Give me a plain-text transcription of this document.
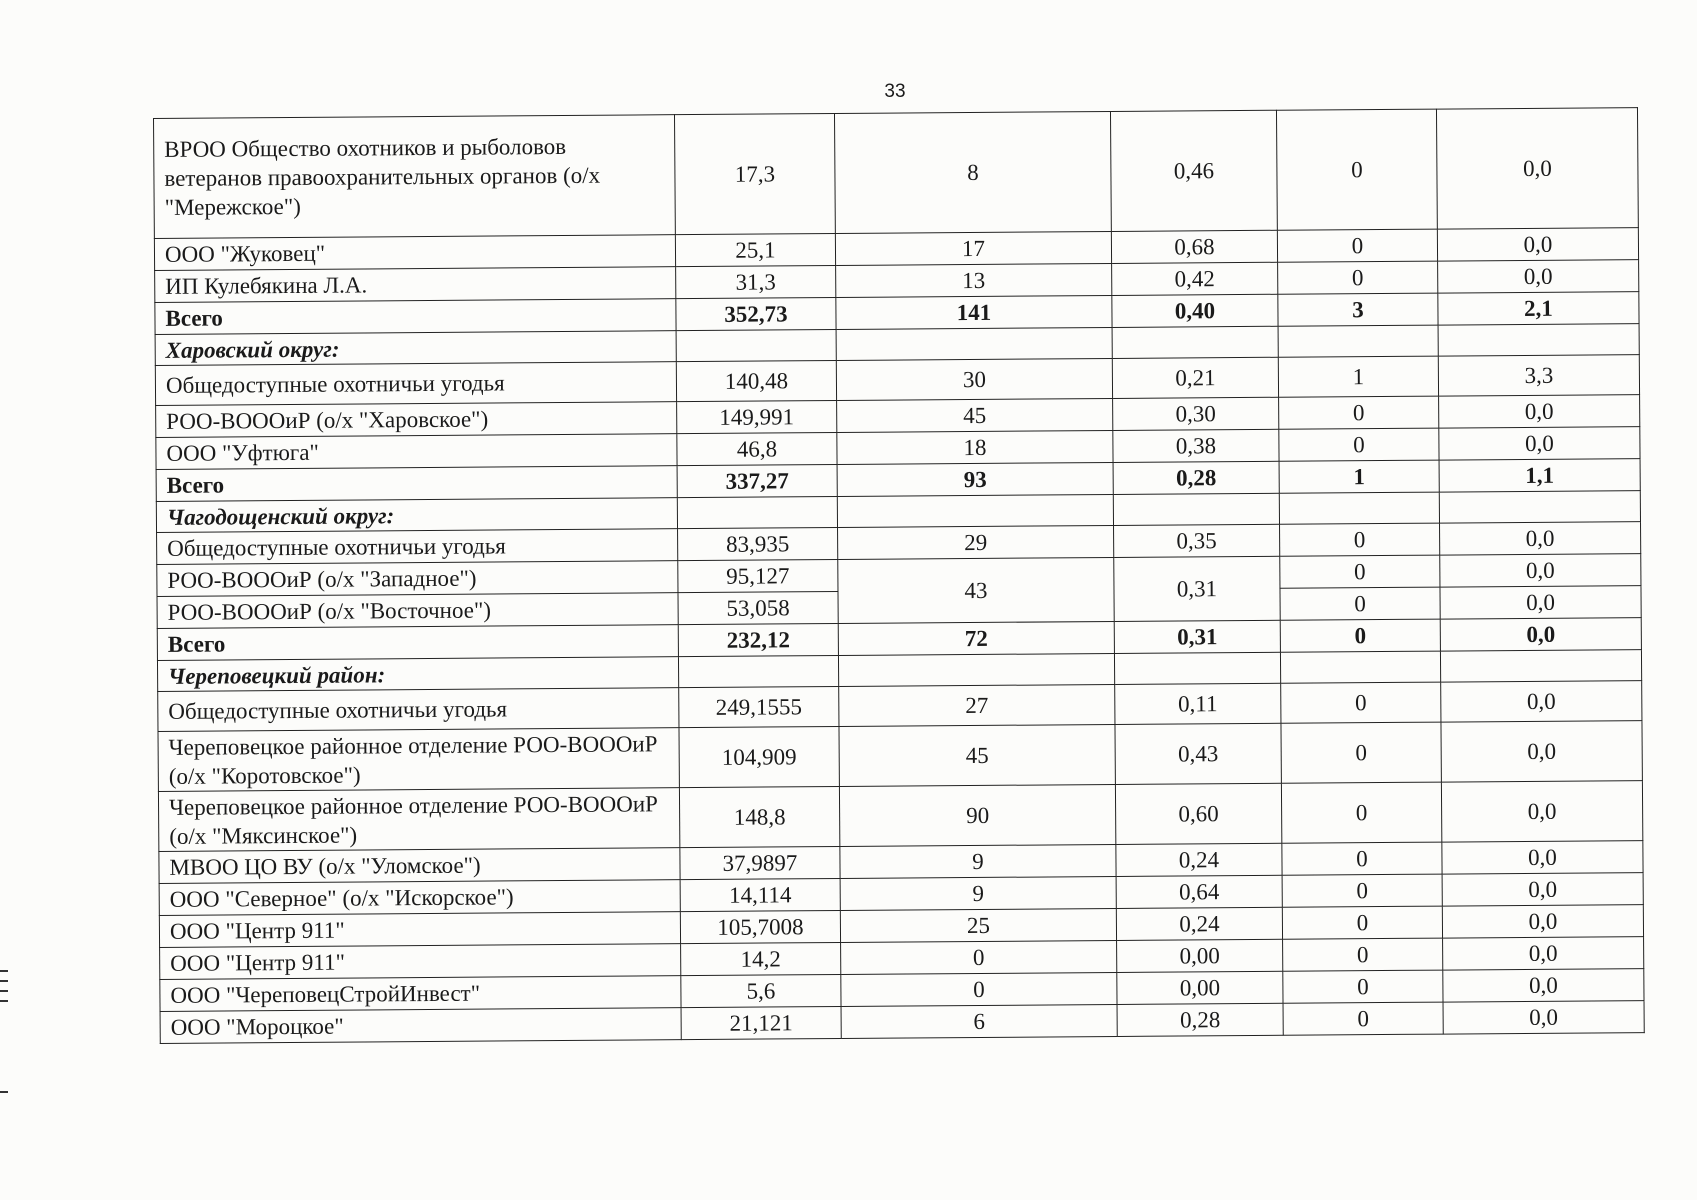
33
ВРОО Общество охотников и рыболовов ветеранов правоохранительных органов (о/х "Мережское")	17,3	8	0,46	0	0,0
ООО "Жуковец"	25,1	17	0,68	0	0,0
ИП Кулебякина Л.А.	31,3	13	0,42	0	0,0
Всего	352,73	141	0,40	3	2,1
Харовский округ:					
Общедоступные охотничьи угодья	140,48	30	0,21	1	3,3
РОО-ВОООиР (о/х "Харовское")	149,991	45	0,30	0	0,0
ООО "Уфтюга"	46,8	18	0,38	0	0,0
Всего	337,27	93	0,28	1	1,1
Чагодощенский округ:					
Общедоступные охотничьи угодья	83,935	29	0,35	0	0,0
РОО-ВОООиР (о/х "Западное")	95,127	43	0,31	0	0,0
РОО-ВОООиР (о/х "Восточное")	53,058			0	0,0
Всего	232,12	72	0,31	0	0,0
Череповецкий район:					
Общедоступные охотничьи угодья	249,1555	27	0,11	0	0,0
Череповецкое районное отделение РОО-ВОООиР (о/х "Коротовское")	104,909	45	0,43	0	0,0
Череповецкое районное отделение РОО-ВОООиР (о/х "Мяксинское")	148,8	90	0,60	0	0,0
МВОО ЦО ВУ (о/х "Уломское")	37,9897	9	0,24	0	0,0
ООО "Северное" (о/х "Искорское")	14,114	9	0,64	0	0,0
ООО "Центр 911"	105,7008	25	0,24	0	0,0
ООО "Центр 911"	14,2	0	0,00	0	0,0
ООО "ЧереповецСтройИнвест"	5,6	0	0,00	0	0,0
ООО "Мороцкое"	21,121	6	0,28	0	0,0
